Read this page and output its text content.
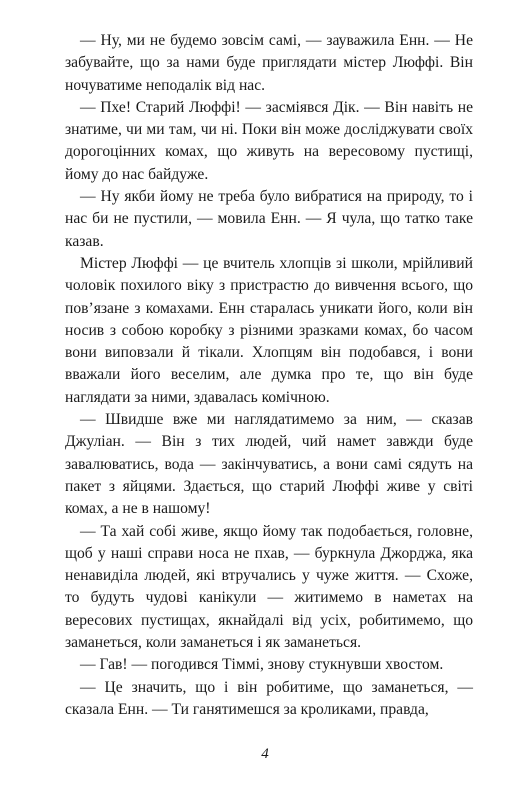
— Ну, ми не будемо зовсім самі, — зауважила Енн. — Не забувайте, що за нами буде приглядати містер Люффі. Він ночуватиме неподалік від нас.

— Пхе! Старий Люффі! — засміявся Дік. — Він навіть не знатиме, чи ми там, чи ні. Поки він може досліджувати своїх дорогоцінних комах, що живуть на вересовому пустищі, йому до нас байдуже.

— Ну якби йому не треба було вибратися на природу, то і нас би не пустили, — мовила Енн. — Я чула, що татко таке казав.

Містер Люффі — це вчитель хлопців зі школи, мрійливий чоловік похилого віку з пристрастю до вивчення всього, що пов’язане з комахами. Енн старалась уникати його, коли він носив з собою коробку з різними зразками комах, бо часом вони виповзали й тікали. Хлопцям він подобався, і вони вважали його веселим, але думка про те, що він буде наглядати за ними, здавалась комічною.

— Швидше вже ми наглядатимемо за ним, — сказав Джуліан. — Він з тих людей, чий намет завжди буде завалюватись, вода — закінчуватись, а вони самі сядуть на пакет з яйцями. Здається, що старий Люффі живе у світі комах, а не в нашому!

— Та хай собі живе, якщо йому так подобається, головне, щоб у наші справи носа не пхав, — буркнула Джорджа, яка ненавиділа людей, які втручались у чуже життя. — Схоже, то будуть чудові канікули — житимемо в наметах на вересових пустищах, якнайдалі від усіх, робитимемо, що заманеться, коли заманеться і як заманеться.

— Гав! — погодився Тіммі, знову стукнувши хвостом.

— Це значить, що і він робитиме, що заманеться, — сказала Енн. — Ти ганятимешся за кроликами, правда,

4
